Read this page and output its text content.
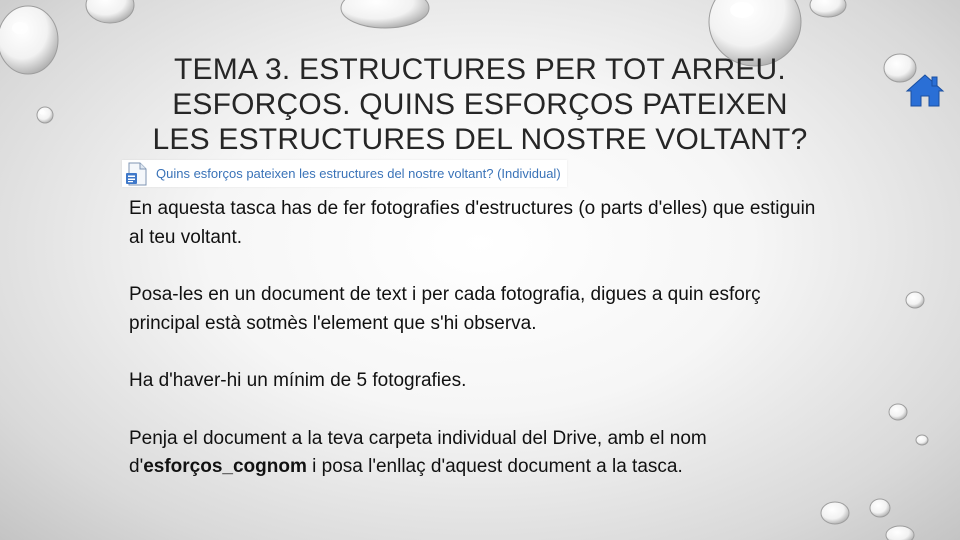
TEMA 3. ESTRUCTURES PER TOT ARREU.
ESFORÇOS. QUINS ESFORÇOS PATEIXEN
LES ESTRUCTURES DEL NOSTRE VOLTANT?
Quins esforços pateixen les estructures del nostre voltant? (Individual)

En aquesta tasca has de fer fotografies d'estructures (o parts d'elles) que estiguin al teu voltant.

Posa-les en un document de text i per cada fotografia, digues a quin esforç principal està sotmès l'element que s'hi observa.

Ha d'haver-hi un mínim de 5 fotografies.

Penja el document a la teva carpeta individual del Drive, amb el nom d'esforços_cognom i posa l'enllaç d'aquest document a la tasca.
